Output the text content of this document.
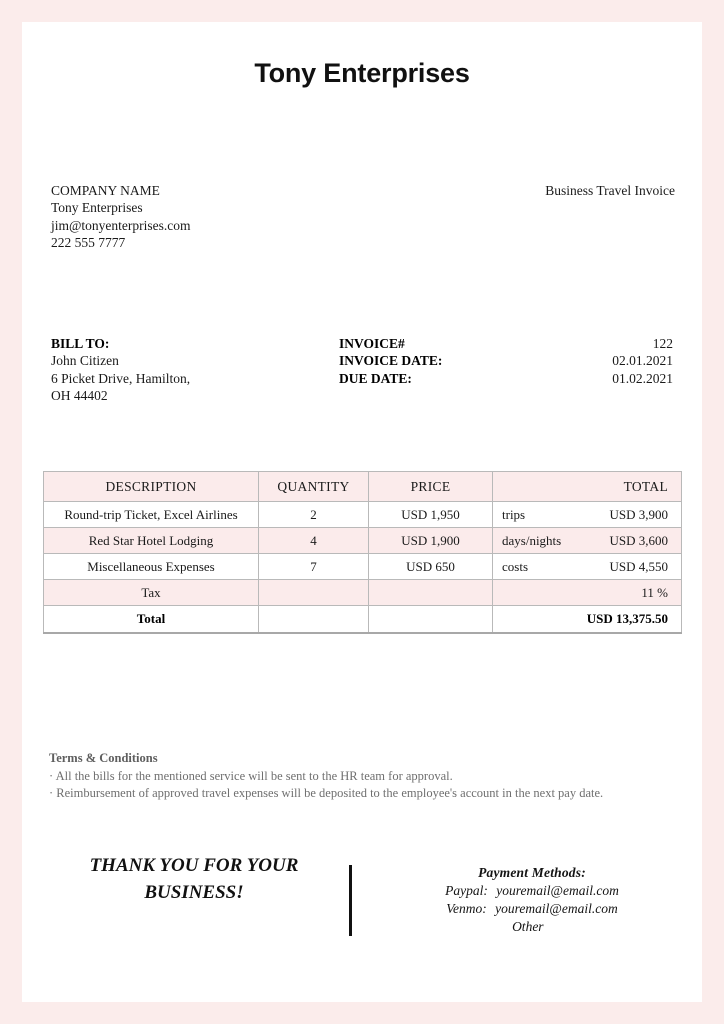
Tony Enterprises
COMPANY NAME
Tony Enterprises
jim@tonyenterprises.com
222 555 7777
Business Travel Invoice
BILL TO:
John Citizen
6 Picket Drive, Hamilton,
OH 44402
INVOICE#	122
INVOICE DATE:	02.01.2021
DUE DATE:	01.02.2021
DESCRIPTION	QUANTITY	PRICE	TOTAL
Round-trip Ticket, Excel Airlines	2	USD 1,950	trips USD 3,900

Red Star Hotel Lodging	4	USD 1,900	days/nights USD 3,600

Miscellaneous Expenses	7	USD 650	costs USD 4,550

Tax			11 %

Total			USD 13,375.50
Terms & Conditions
· All the bills for the mentioned service will be sent to the HR team for approval.
· Reimbursement of approved travel expenses will be deposited to the employee's account in the next pay date.
THANK YOU FOR YOUR
BUSINESS!
Payment Methods:
Paypal: youremail@email.com
Venmo: youremail@email.com
Other
